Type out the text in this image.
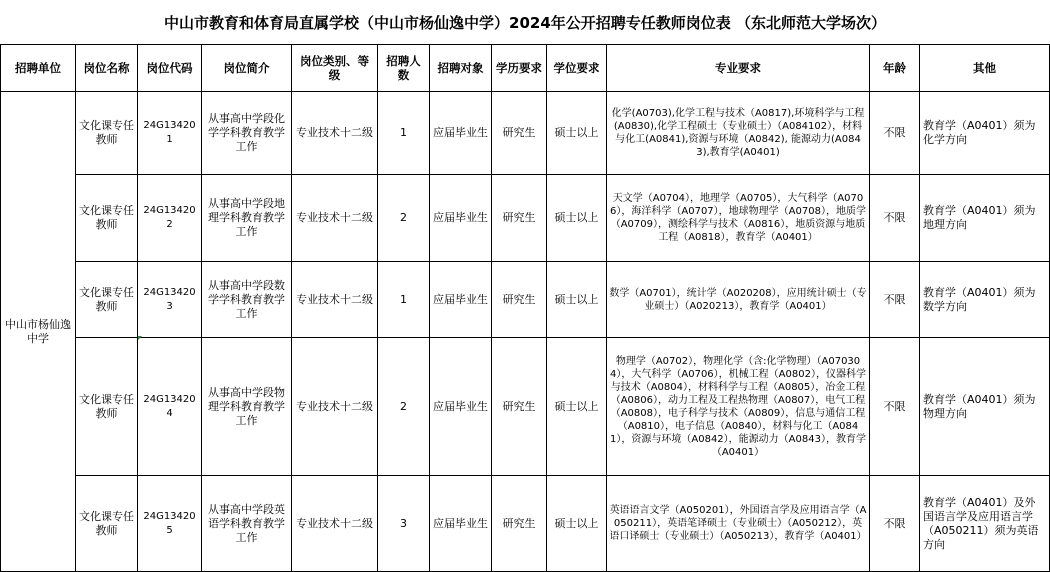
中山市教育和体育局直属学校（中山市杨仙逸中学）2024年公开招聘专任教师岗位表 （东北师范大学场次）
招聘单位	岗位名称	岗位代码	岗位简介	岗位类别、等级	招聘人数	招聘对象	学历要求	学位要求	专业要求	年龄	其他
中山市杨仙逸中学	文化课专任教师	24G134201	从事高中学段化学学科教育教学工作	专业技术十二级	1	应届毕业生	研究生	硕士以上	化学(A0703),化学工程与技术（A0817),环境科学与工程(A0830),化学工程硕士（专业硕士）（A084102），材料与化工(A0841),资源与环境（A0842), 能源动力(A0843),教育学(A0401)	不限	教育学（A0401）须为化学方向
	文化课专任教师	24G134202	从事高中学段地理学科教育教学工作	专业技术十二级	2	应届毕业生	研究生	硕士以上	天文学（A0704），地理学（A0705），大气科学（A0706），海洋科学（A0707），地球物理学（A0708），地质学（A0709），测绘科学与技术（A0816），地质资源与地质工程（A0818），教育学（A0401）	不限	教育学（A0401）须为地理方向
	文化课专任教师	24G134203	从事高中学段数学学科教育教学工作	专业技术十二级	1	应届毕业生	研究生	硕士以上	数学（A0701），统计学（A020208），应用统计硕士（专业硕士）（A020213），教育学（A0401）	不限	教育学（A0401）须为数学方向
	文化课专任教师	24G134204	从事高中学段物理学科教育教学工作	专业技术十二级	2	应届毕业生	研究生	硕士以上	物理学（A0702），物理化学（含:化学物理）（A070304），大气科学（A0706），机械工程（A0802），仪器科学与技术（A0804），材料科学与工程（A0805），冶金工程（A0806），动力工程及工程热物理（A0807），电气工程（A0808），电子科学与技术（A0809），信息与通信工程（A0810），电子信息（A0840），材料与化工（A0841），资源与环境（A0842），能源动力（A0843），教育学（A0401）	不限	教育学（A0401）须为物理方向
	文化课专任教师	24G134205	从事高中学段英语学科教育教学工作	专业技术十二级	3	应届毕业生	研究生	硕士以上	英语语言文学（A050201），外国语言学及应用语言学（A050211），英语笔译硕士（专业硕士）（A050212），英语口译硕士（专业硕士）（A050213），教育学（A0401）	不限	教育学（A0401）及外国语言学及应用语言学（A050211）须为英语方向
